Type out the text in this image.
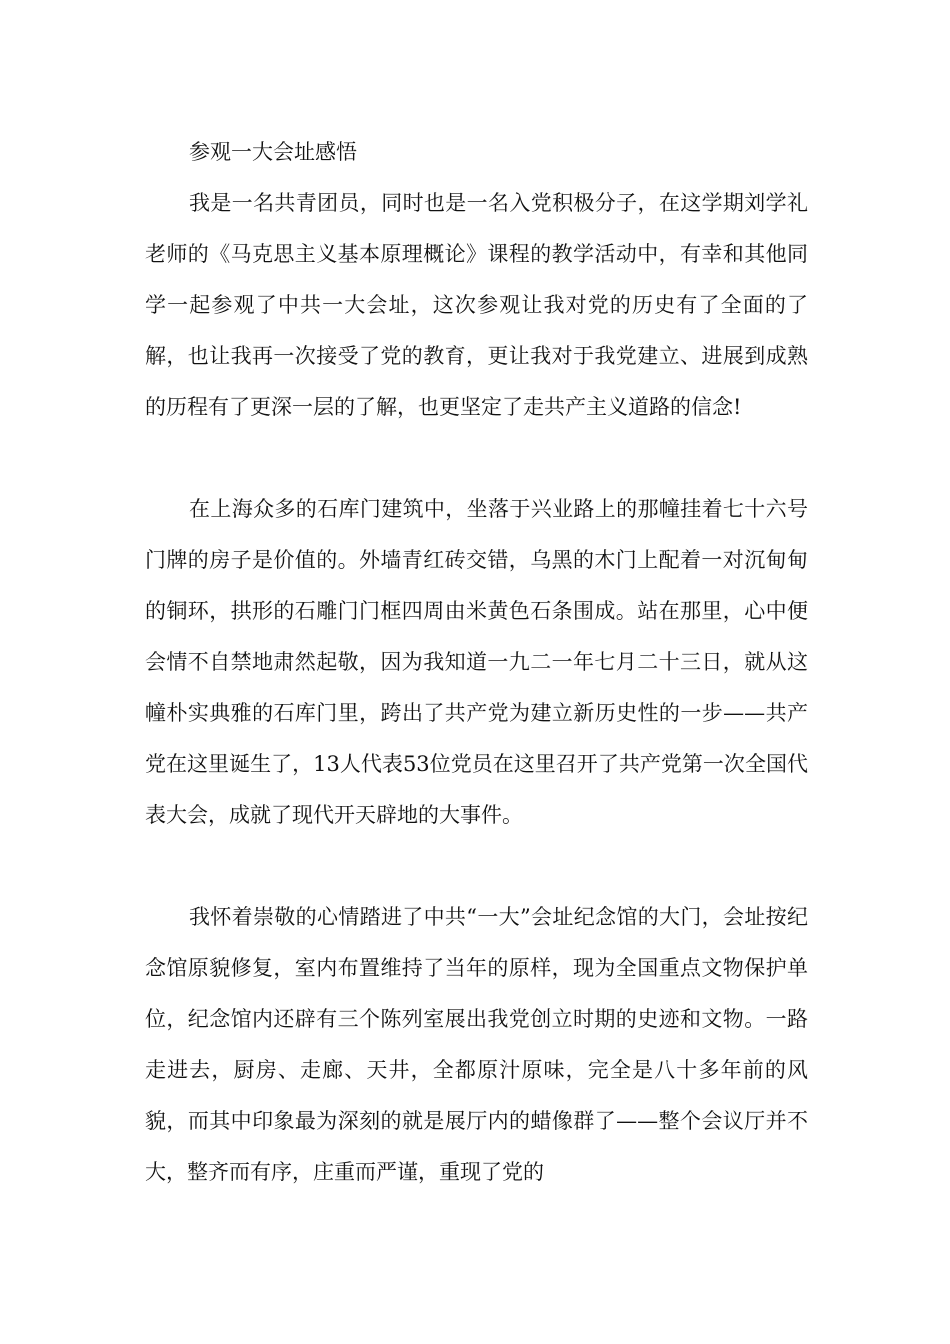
参观一大会址感悟

我是一名共青团员，同时也是一名入党积极分子，在这学期刘学礼老师的《马克思主义基本原理概论》课程的教学活动中，有幸和其他同学一起参观了中共一大会址，这次参观让我对党的历史有了全面的了解，也让我再一次接受了党的教育，更让我对于我党建立、进展到成熟的历程有了更深一层的了解，也更坚定了走共产主义道路的信念!

在上海众多的石库门建筑中，坐落于兴业路上的那幢挂着七十六号门牌的房子是价值的。外墙青红砖交错，乌黑的木门上配着一对沉甸甸的铜环，拱形的石雕门门框四周由米黄色石条围成。站在那里，心中便会情不自禁地肃然起敬，因为我知道一九二一年七月二十三日，就从这幢朴实典雅的石库门里，跨出了共产党为建立新历史性的一步——共产党在这里诞生了，13人代表53位党员在这里召开了共产党第一次全国代表大会，成就了现代开天辟地的大事件。

我怀着崇敬的心情踏进了中共“一大”会址纪念馆的大门，会址按纪念馆原貌修复，室内布置维持了当年的原样，现为全国重点文物保护单位，纪念馆内还辟有三个陈列室展出我党创立时期的史迹和文物。一路走进去，厨房、走廊、天井，全都原汁原味，完全是八十多年前的风貌，而其中印象最为深刻的就是展厅内的蜡像群了——整个会议厅并不大，整齐而有序，庄重而严谨，重现了党的
